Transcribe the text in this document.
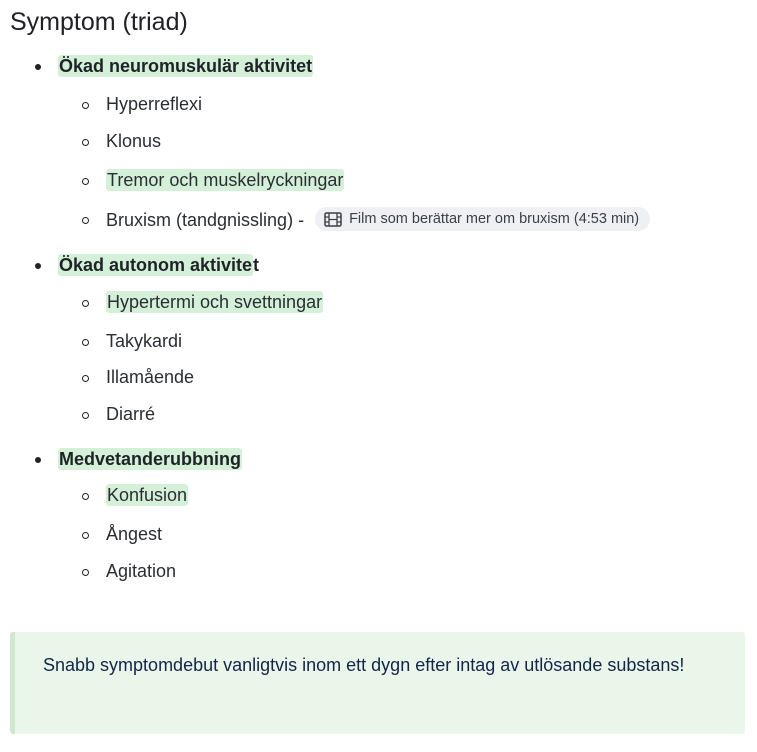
Symptom (triad)
Ökad neuromuskulär aktivitet
Hyperreflexi
Klonus
Tremor och muskelryckningar
Bruxism (tandgnissling) -	Film som berättar mer om bruxism (4:53 min)
Ökad autonom aktivitet
Hypertermi och svettningar
Takykardi
Illamående
Diarré
Medvetanderubbning
Konfusion
Ångest
Agitation
Snabb symptomdebut vanligtvis inom ett dygn efter intag av utlösande substans!
